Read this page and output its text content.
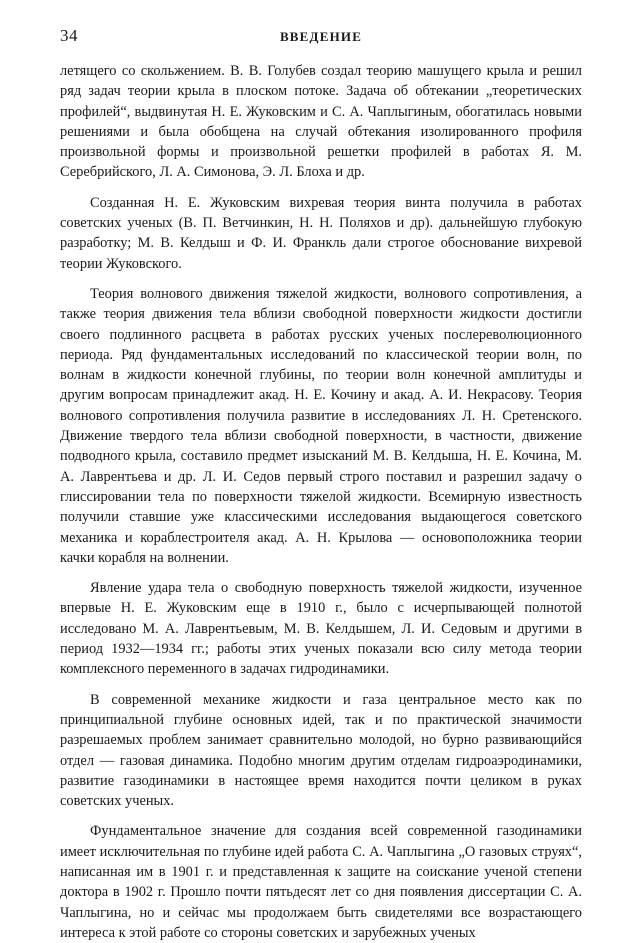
34	ВВЕДЕНИЕ

летящего со скольжением. В. В. Голубев создал теорию машущего крыла и решил ряд задач теории крыла в плоском потоке. Задача об обтекании „теоретических профилей“, выдвинутая Н. Е. Жуковским и С. А. Чаплыгиным, обогатилась новыми решениями и была обобщена на случай обтекания изолированного профиля произвольной формы и произвольной решетки профилей в работах Я. М. Серебрийского, Л. А. Симонова, Э. Л. Блоха и др.

Созданная Н. Е. Жуковским вихревая теория винта получила в работах советских ученых (В. П. Ветчинкин, Н. Н. Поляхов и др). дальнейшую глубокую разработку; М. В. Келдыш и Ф. И. Франкль дали строгое обоснование вихревой теории Жуковского.

Теория волнового движения тяжелой жидкости, волнового сопротивления, а также теория движения тела вблизи свободной поверхности жидкости достигли своего подлинного расцвета в работах русских ученых послереволюционного периода. Ряд фундаментальных исследований по классической теории волн, по волнам в жидкости конечной глубины, по теории волн конечной амплитуды и другим вопросам принадлежит акад. Н. Е. Кочину и акад. А. И. Некрасову. Теория волнового сопротивления получила развитие в исследованиях Л. Н. Сретенского. Движение твердого тела вблизи свободной поверхности, в частности, движение подводного крыла, составило предмет изысканий М. В. Келдыша, Н. Е. Кочина, М. А. Лаврентьева и др. Л. И. Седов первый строго поставил и разрешил задачу о глиссировании тела по поверхности тяжелой жидкости. Всемирную известность получили ставшие уже классическими исследования выдающегося советского механика и кораблестроителя акад. А. Н. Крылова — основоположника теории качки корабля на волнении.

Явление удара тела о свободную поверхность тяжелой жидкости, изученное впервые Н. Е. Жуковским еще в 1910 г., было с исчерпывающей полнотой исследовано М. А. Лаврентьевым, М. В. Келдышем, Л. И. Седовым и другими в период 1932—1934 гг.; работы этих ученых показали всю силу метода теории комплексного переменного в задачах гидродинамики.

В современной механике жидкости и газа центральное место как по принципиальной глубине основных идей, так и по практической значимости разрешаемых проблем занимает сравнительно молодой, но бурно развивающийся отдел — газовая динамика. Подобно многим другим отделам гидроаэродинамики, развитие газодинамики в настоящее время находится почти целиком в руках советских ученых.

Фундаментальное значение для создания всей современной газодинамики имеет исключительная по глубине идей работа С. А. Чаплыгина „О газовых струях“, написанная им в 1901 г. и представленная к защите на соискание ученой степени доктора в 1902 г. Прошло почти пятьдесят лет со дня появления диссертации С. А. Чаплыгина, но и сейчас мы продолжаем быть свидетелями все возрастающего интереса к этой работе со стороны советских и зарубежных ученых
